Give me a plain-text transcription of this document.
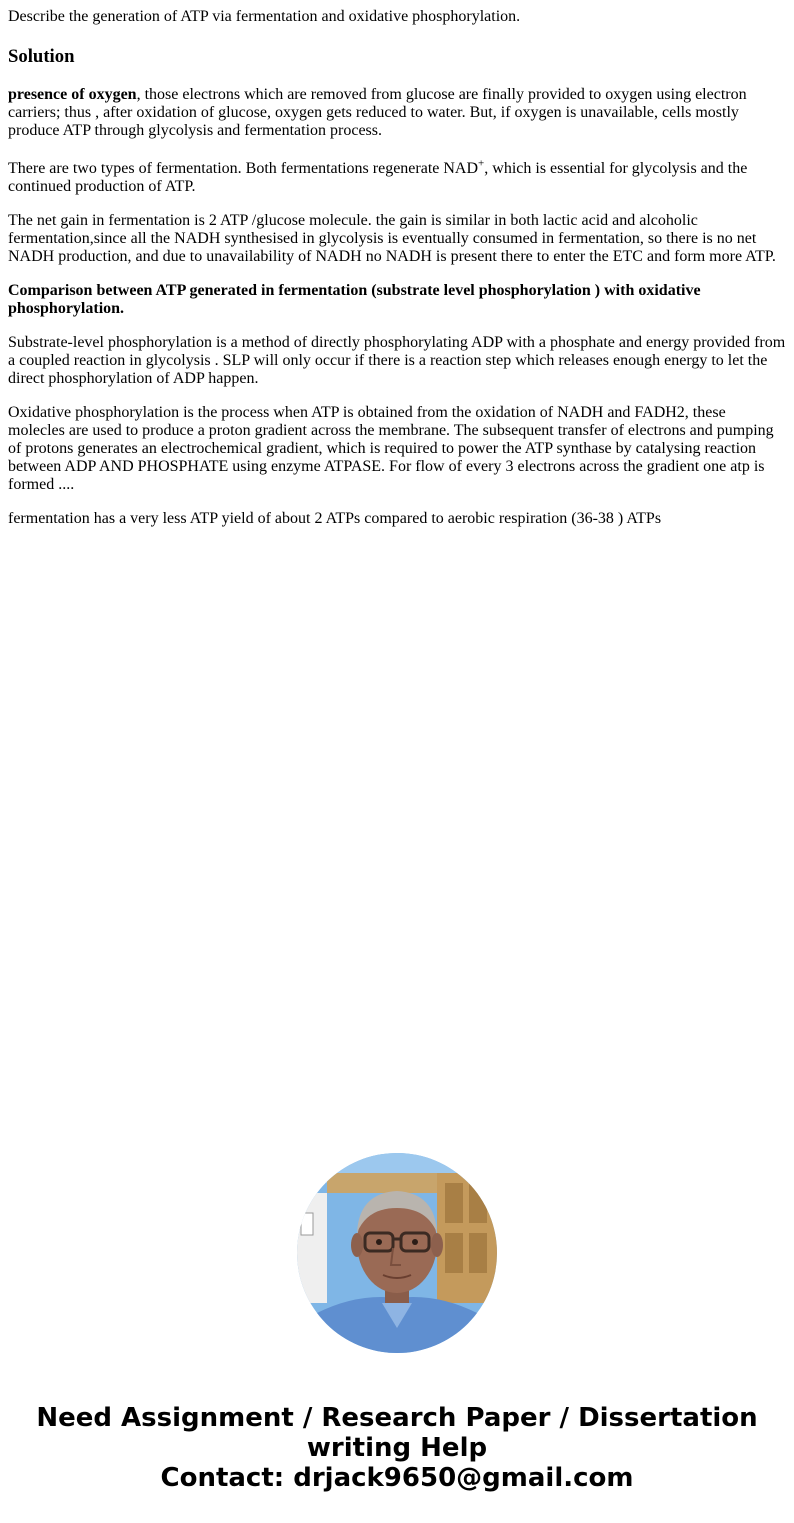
Describe the generation of ATP via fermentation and oxidative phosphorylation.
Solution

presence of oxygen, those electrons which are removed from glucose are finally provided to oxygen using electron carriers; thus , after oxidation of glucose, oxygen gets reduced to water. But, if oxygen is unavailable, cells mostly produce ATP through glycolysis and fermentation process.

There are two types of fermentation. Both fermentations regenerate NAD+, which is essential for glycolysis and the continued production of ATP.

The net gain in fermentation is 2 ATP /glucose molecule. the gain is similar in both lactic acid and alcoholic fermentation,since all the NADH synthesised in glycolysis is eventually consumed in fermentation, so there is no net NADH production, and due to unavailability of NADH no NADH is present there to enter the ETC and form more ATP.

Comparison between ATP generated in fermentation (substrate level phosphorylation ) with oxidative phosphorylation.

Substrate-level phosphorylation is a method of directly phosphorylating ADP with a phosphate and energy provided from a coupled reaction in glycolysis . SLP will only occur if there is a reaction step which releases enough energy to let the direct phosphorylation of ADP happen.

Oxidative phosphorylation is the process when ATP is obtained from the oxidation of NADH and FADH2, these molecles are used to produce a proton gradient across the membrane. The subsequent transfer of electrons and pumping of protons generates an electrochemical gradient, which is required to power the ATP synthase by catalysing reaction between ADP AND PHOSPHATE using enzyme ATPASE. For flow of every 3 electrons across the gradient one atp is formed ....

fermentation has a very less ATP yield of about 2 ATPs compared to aerobic respiration (36-38 ) ATPs

Need Assignment / Research Paper / Dissertation
writing Help
Contact: drjack9650@gmail.com
